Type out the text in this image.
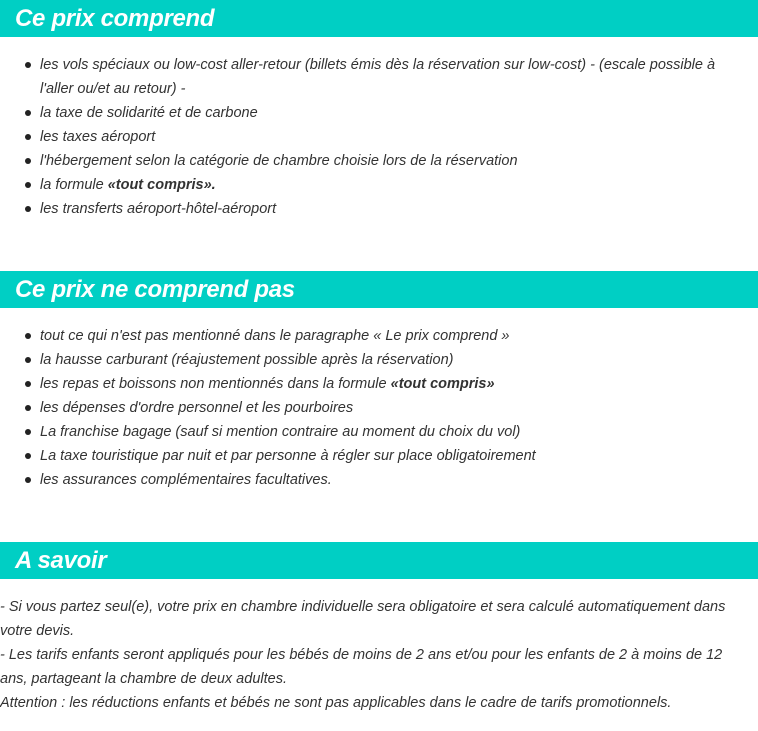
Ce prix comprend
les vols spéciaux ou low-cost aller-retour (billets émis dès la réservation sur low-cost) - (escale possible à l'aller ou/et au retour) -
la taxe de solidarité et de carbone
les taxes aéroport
l'hébergement selon la catégorie de chambre choisie lors de la réservation
la formule «tout compris».
les transferts aéroport-hôtel-aéroport
Ce prix ne comprend pas
tout ce qui n'est pas mentionné dans le paragraphe « Le prix comprend »
la hausse carburant (réajustement possible après la réservation)
les repas et boissons non mentionnés dans la formule «tout compris»
les dépenses d'ordre personnel et les pourboires
La franchise bagage (sauf si mention contraire au moment du choix du vol)
La taxe touristique par nuit et par personne à régler sur place obligatoirement
les assurances complémentaires facultatives.
A savoir

- Si vous partez seul(e), votre prix en chambre individuelle sera obligatoire et sera calculé automatiquement dans votre devis.

- Les tarifs enfants seront appliqués pour les bébés de moins de 2 ans et/ou pour les enfants de 2 à moins de 12 ans, partageant la chambre de deux adultes.

Attention : les réductions enfants et bébés ne sont pas applicables dans le cadre de tarifs promotionnels.
